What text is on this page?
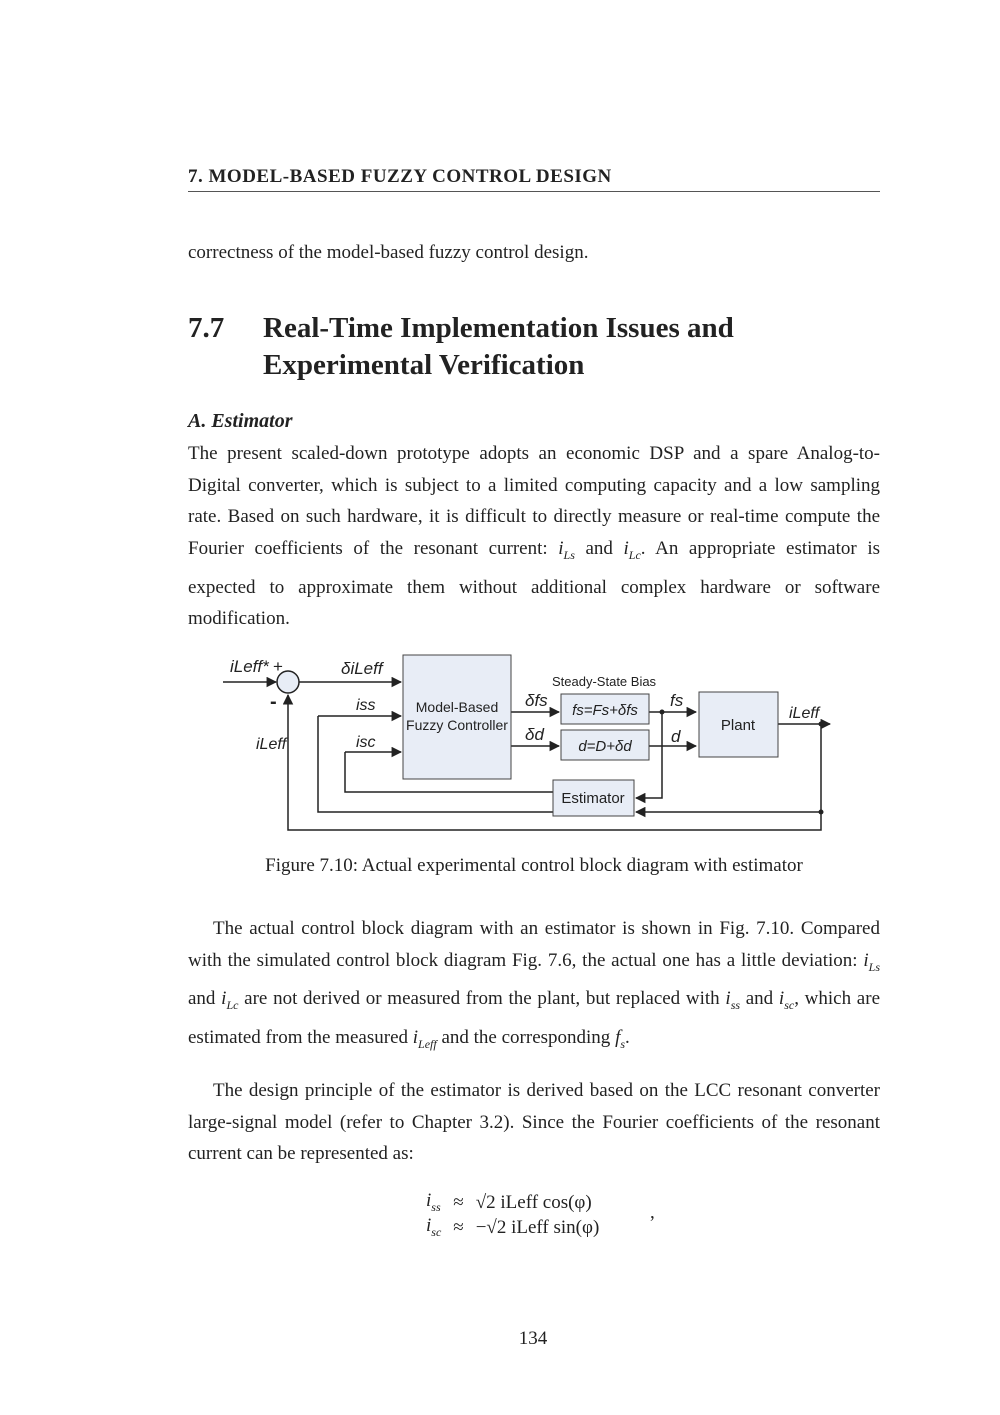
7. MODEL-BASED FUZZY CONTROL DESIGN
correctness of the model-based fuzzy control design.
7.7 Real-Time Implementation Issues and Experimental Verification
A. Estimator
The present scaled-down prototype adopts an economic DSP and a spare Analog-to-Digital converter, which is subject to a limited computing capacity and a low sampling rate. Based on such hardware, it is difficult to directly measure or real-time compute the Fourier coefficients of the resonant current: $i_{Ls}$ and $i_{Lc}$. An appropriate estimator is expected to approximate them without additional complex hardware or software modification.
iLeff* +
-
iLeff
δiLeff
iss
isc
Model-Based
Fuzzy Controller
δfs
δd
Steady-State Bias
fs=Fs+δfs
d=D+δd
fs
d
Plant
iLeff
Estimator
Figure 7.10: Actual experimental control block diagram with estimator
The actual control block diagram with an estimator is shown in Fig. 7.10. Compared with the simulated control block diagram Fig. 7.6, the actual one has a little deviation: $i_{Ls}$ and $i_{Lc}$ are not derived or measured from the plant, but replaced with $i_{ss}$ and $i_{sc}$, which are estimated from the measured $i_{Leff}$ and the corresponding $f_s$.
The design principle of the estimator is derived based on the LCC resonant converter large-signal model (refer to Chapter 3.2). Since the Fourier coefficients of the resonant current can be represented as:
$i_{ss}$	≈	√2 iLeff cos(φ)
$i_{sc}$	≈	−√2 iLeff sin(φ)
,
134
